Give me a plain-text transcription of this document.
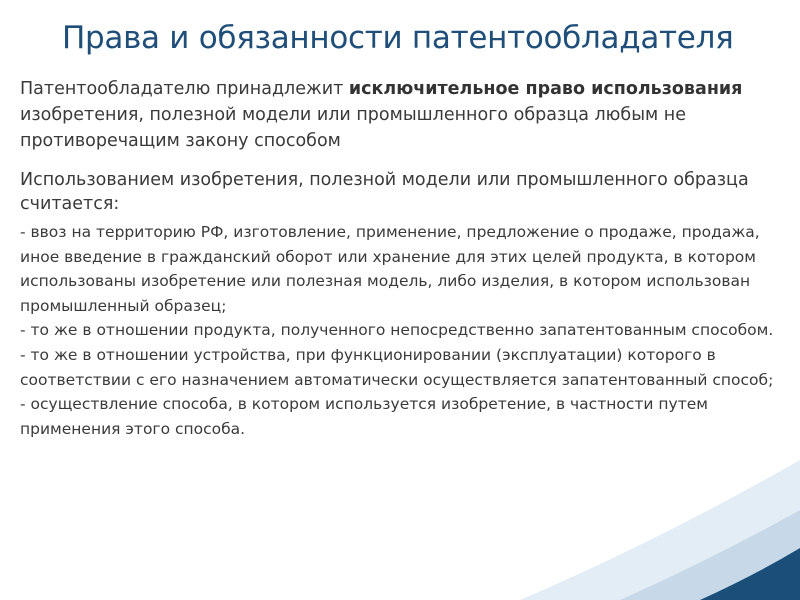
Права и обязанности патентообладателя

Патентообладателю принадлежит исключительное право использования изобретения, полезной модели или промышленного образца любым не противоречащим закону способом

Использованием изобретения, полезной модели или промышленного образца считается:

- ввоз на территорию РФ, изготовление, применение, предложение о продаже, продажа, иное введение в гражданский оборот или хранение для этих целей продукта, в котором использованы изобретение или полезная модель, либо изделия, в котором использован промышленный образец;
- то же в отношении продукта, полученного непосредственно запатентованным способом.
- то же в отношении устройства, при функционировании (эксплуатации) которого в соответствии с его назначением автоматически осуществляется запатентованный способ;
- осуществление способа, в котором используется изобретение, в частности путем применения этого способа.
